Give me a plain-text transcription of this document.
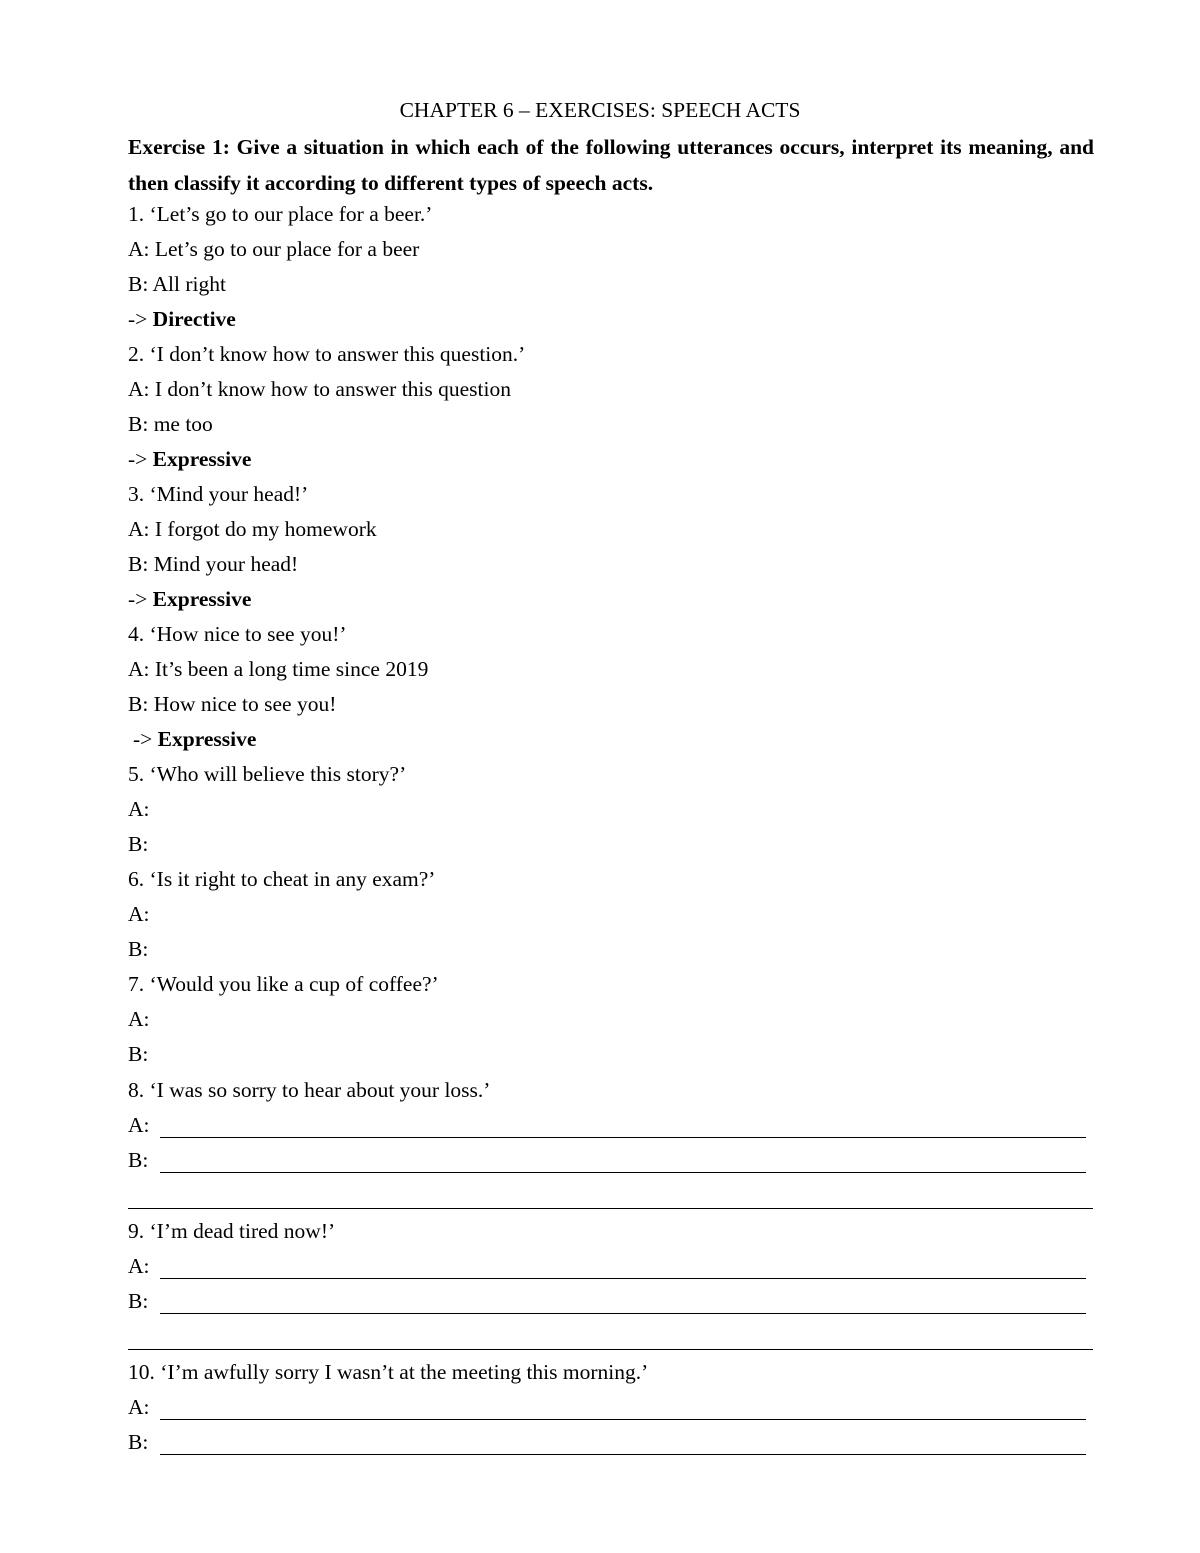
CHAPTER 6 – EXERCISES: SPEECH ACTS
Exercise 1: Give a situation in which each of the following utterances occurs, interpret its meaning, and then classify it according to different types of speech acts.
1. ‘Let’s go to our place for a beer.’
A: Let’s go to our place for a beer
B: All right
-> Directive
2. ‘I don’t know how to answer this question.’
A: I don’t know how to answer this question
B: me too
-> Expressive
3. ‘Mind your head!’
A: I forgot do my homework
B: Mind your head!
-> Expressive
4. ‘How nice to see you!’
A: It’s been a long time since 2019
B: How nice to see you!
-> Expressive
5. ‘Who will believe this story?’
A:
B:
6. ‘Is it right to cheat in any exam?’
A:
B:
7. ‘Would you like a cup of coffee?’
A:
B:
8. ‘I was so sorry to hear about your loss.’
A:
B:
9. ‘I’m dead tired now!’
A:
B:
10. ‘I’m awfully sorry I wasn’t at the meeting this morning.’
A:
B:
